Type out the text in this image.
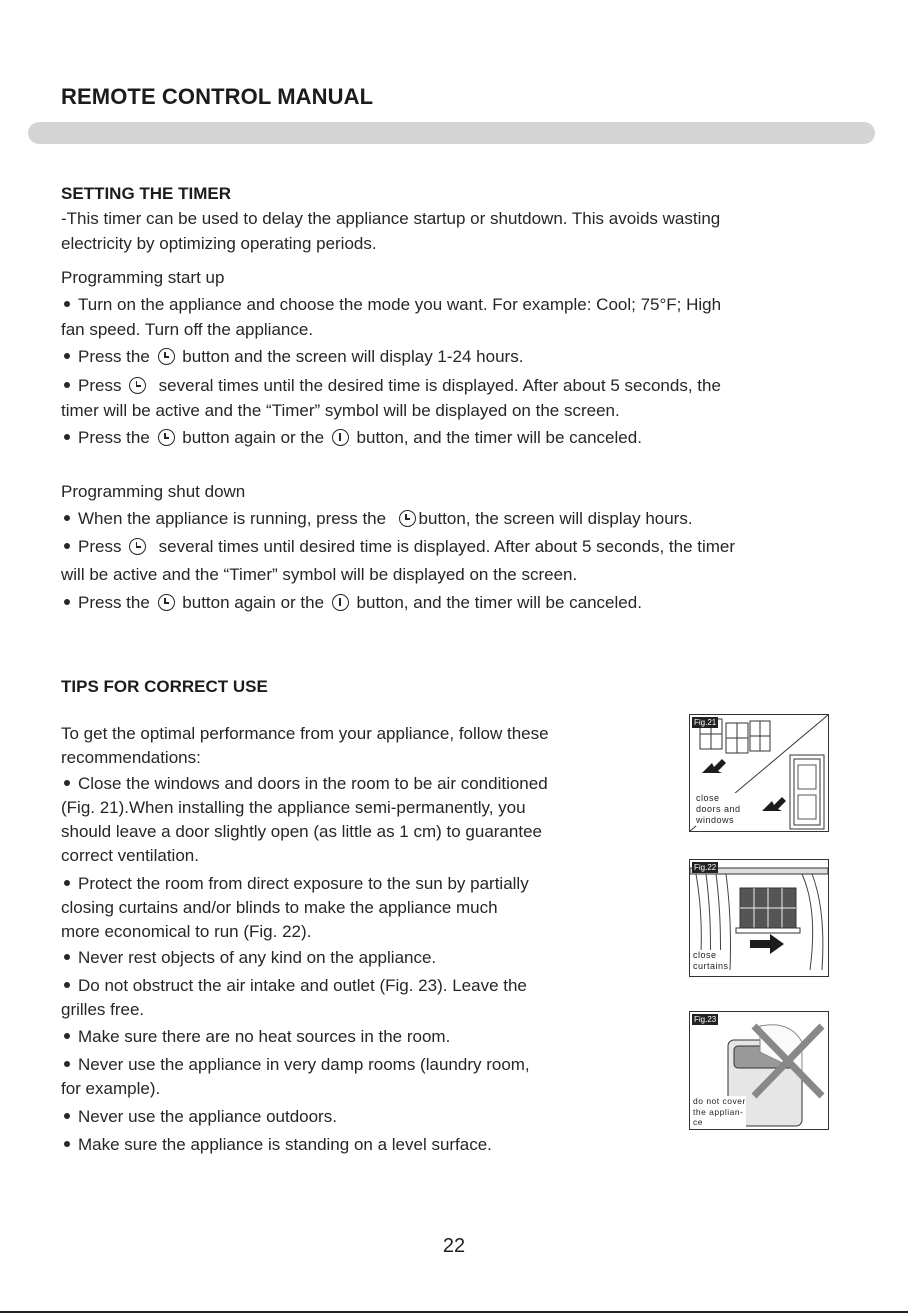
REMOTE CONTROL MANUAL
SETTING THE TIMER
-This timer can be used to delay the appliance startup or shutdown. This avoids wasting
electricity by optimizing operating periods.
Programming start up
Turn on the appliance and choose the mode you want. For example: Cool; 75°F; High
fan speed. Turn off the appliance.
Press the button and the screen will display 1-24 hours.
Press several times until the desired time is displayed. After about 5 seconds, the
timer will be active and the “Timer” symbol will be displayed on the screen.
Press the button again or the button, and the timer will be canceled.
Programming shut down
When the appliance is running, press the button, the screen will display hours.
Press several times until desired time is displayed. After about 5 seconds, the timer
will be active and the “Timer” symbol will be displayed on the screen.
Press the button again or the button, and the timer will be canceled.
TIPS FOR CORRECT USE
To get the optimal performance from your appliance, follow these
recommendations:
Close the windows and doors in the room to be air conditioned
(Fig. 21).When installing the appliance semi-permanently, you
should leave a door slightly open (as little as 1 cm) to guarantee
correct ventilation.
Protect the room from direct exposure to the sun by partially
closing curtains and/or blinds to make the appliance much
more economical to run (Fig. 22).
Never rest objects of any kind on the appliance.
Do not obstruct the air intake and outlet (Fig. 23). Leave the
grilles free.
Make sure there are no heat sources in the room.
Never use the appliance in very damp rooms (laundry room,
for example).
Never use the appliance outdoors.
Make sure the appliance is standing on a level surface.
Fig.21
close
doors and
windows
Fig.22
close
curtains
Fig.23
do not cover
the applian-
ce
22
